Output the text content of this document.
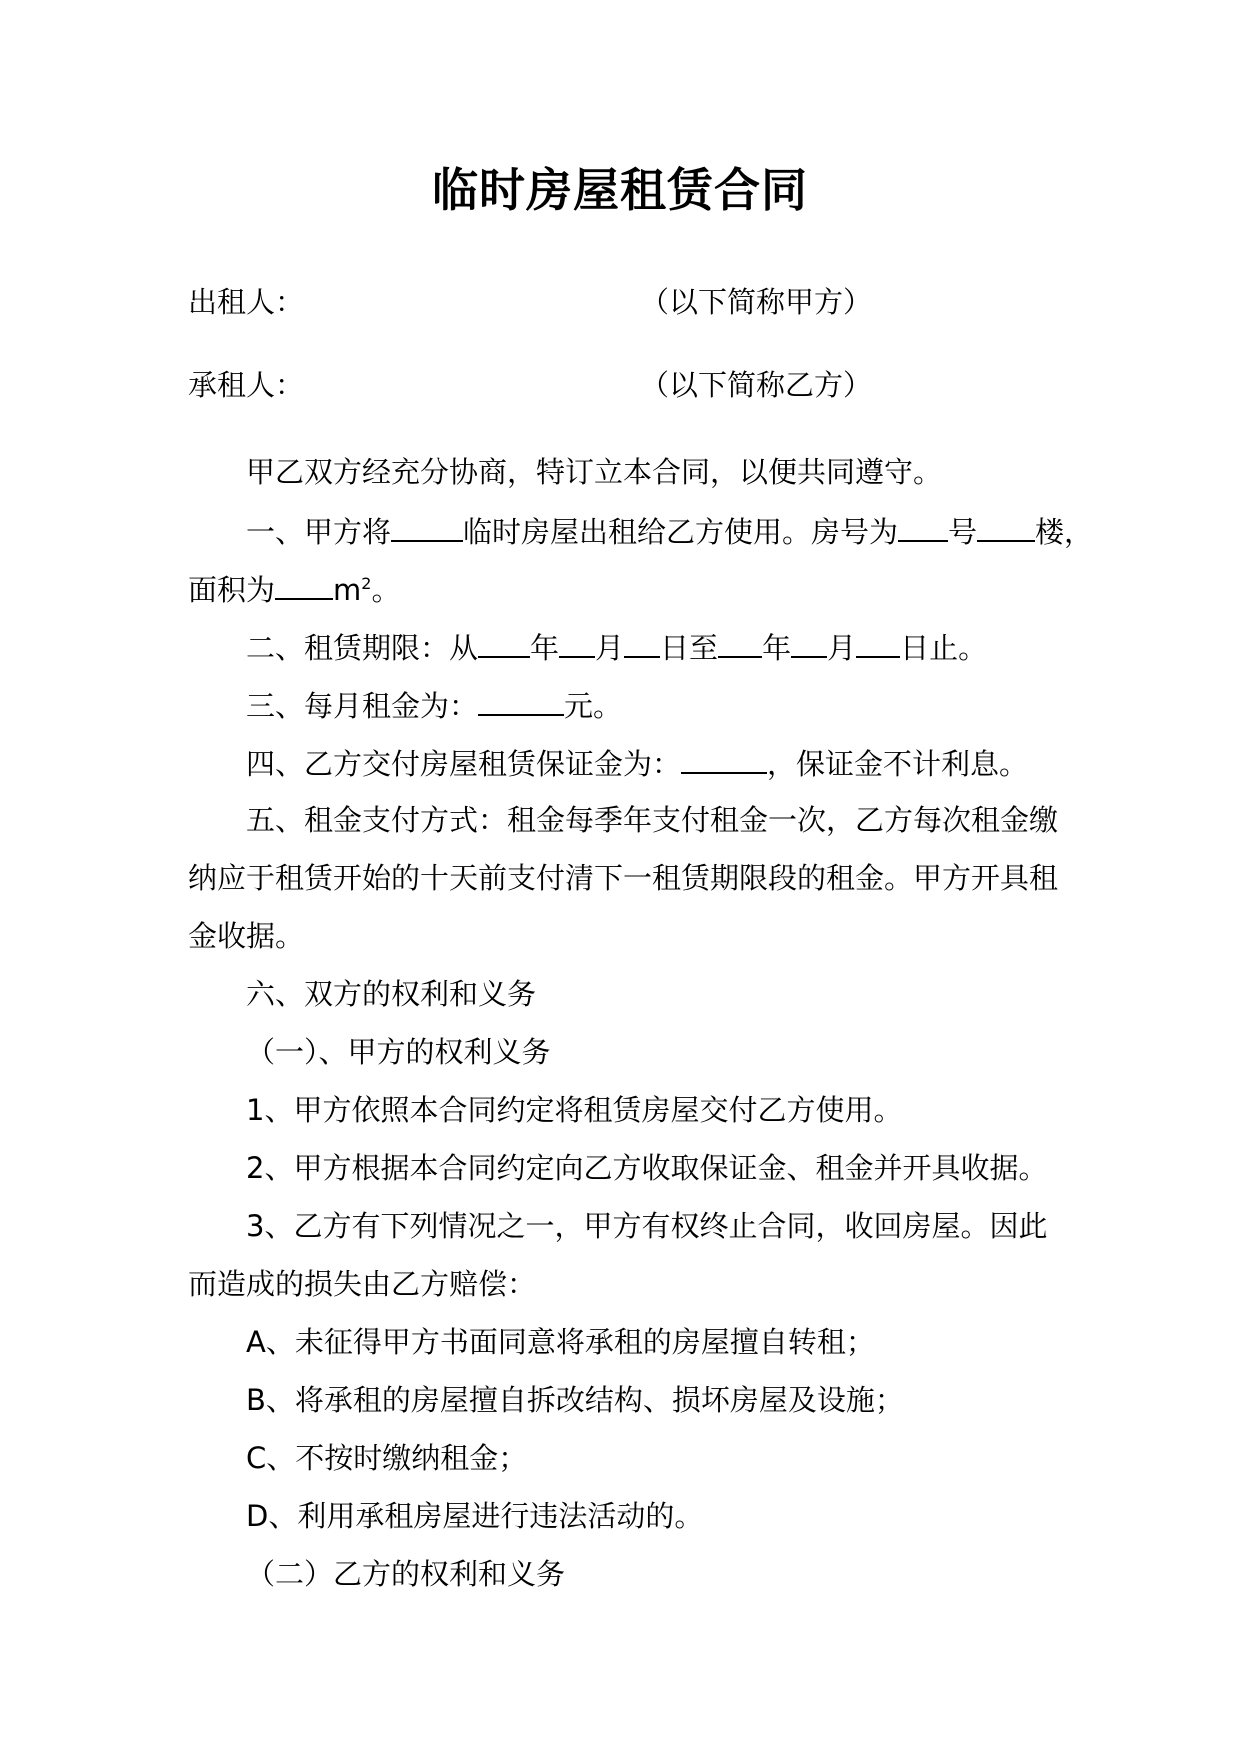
临时房屋租赁合同
出租人：	（以下简称甲方）
承租人：	（以下简称乙方）
甲乙双方经充分协商，特订立本合同，以便共同遵守。
一、甲方将 临时房屋出租给乙方使用。房号为 号 楼，
面积为 $m^2$。
二、租赁期限：从 年 月 日至 年 月 日止。
三、每月租金为：	元。
四、乙方交付房屋租赁保证金为：	，保证金不计利息。
五、租金支付方式：租金每季年支付租金一次，乙方每次租金缴
纳应于租赁开始的十天前支付清下一租赁期限段的租金。甲方开具租
金收据。
六、双方的权利和义务
（一）、甲方的权利义务
1、甲方依照本合同约定将租赁房屋交付乙方使用。
2、甲方根据本合同约定向乙方收取保证金、租金并开具收据。
3、乙方有下列情况之一，甲方有权终止合同，收回房屋。因此
而造成的损失由乙方赔偿：
A、未征得甲方书面同意将承租的房屋擅自转租；
B、将承租的房屋擅自拆改结构、损坏房屋及设施；
C、不按时缴纳租金；
D、利用承租房屋进行违法活动的。
（二）乙方的权利和义务
